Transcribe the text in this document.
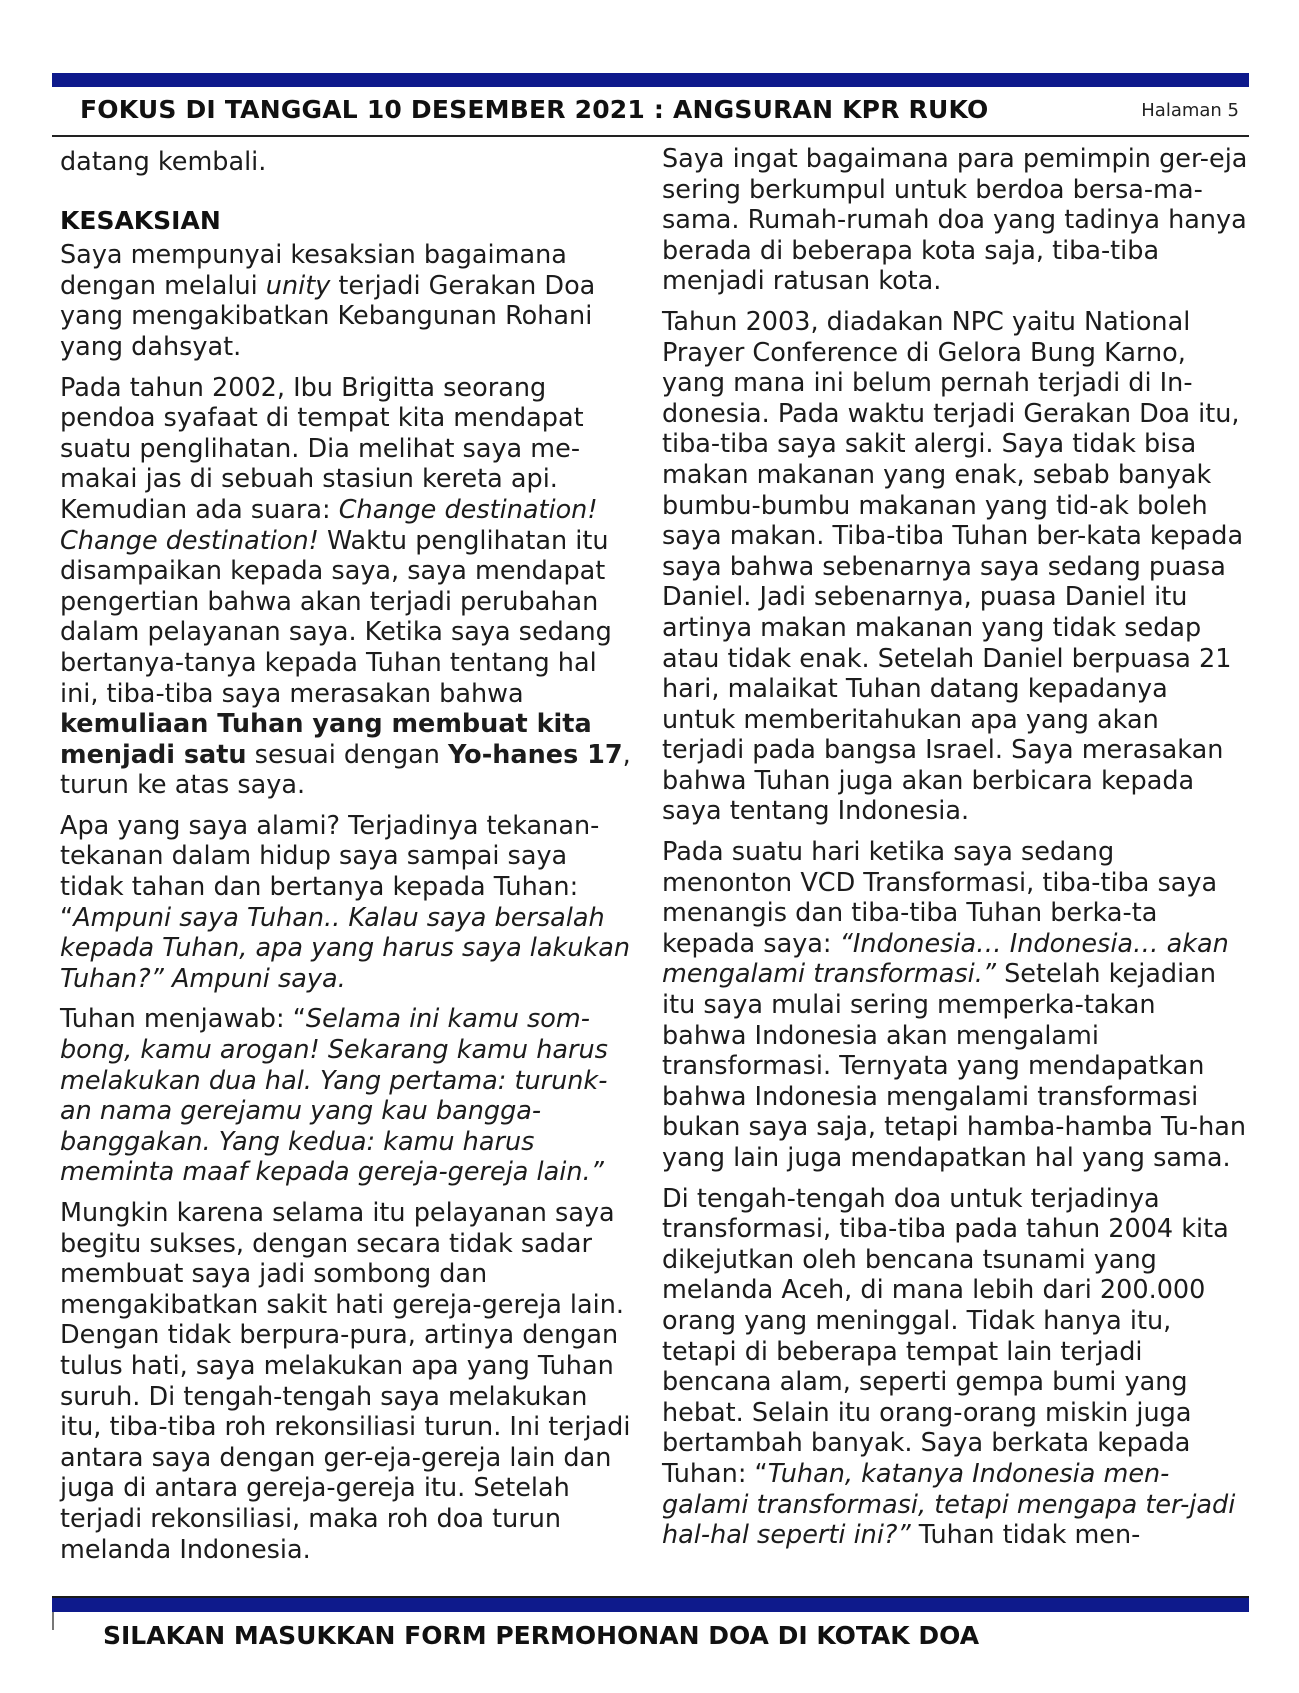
FOKUS DI TANGGAL 10 DESEMBER 2021 : ANGSURAN KPR RUKO	Halaman 5

datang kembali.

KESAKSIAN

Saya mempunyai kesaksian bagaimana dengan melalui unity terjadi Gerakan Doa yang mengakibatkan Kebangunan Rohani yang dahsyat.

Pada tahun 2002, Ibu Brigitta seorang pendoa syafaat di tempat kita mendapat suatu penglihatan. Dia melihat saya me-makai jas di sebuah stasiun kereta api. Kemudian ada suara: Change destination! Change destination! Waktu penglihatan itu disampaikan kepada saya, saya mendapat pengertian bahwa akan terjadi perubahan dalam pelayanan saya. Ketika saya sedang bertanya-tanya kepada Tuhan tentang hal ini, tiba-tiba saya merasakan bahwa kemuliaan Tuhan yang membuat kita menjadi satu sesuai dengan Yo-hanes 17, turun ke atas saya.

Apa yang saya alami? Terjadinya tekanan-tekanan dalam hidup saya sampai saya tidak tahan dan bertanya kepada Tuhan: “Ampuni saya Tuhan.. Kalau saya bersalah kepada Tuhan, apa yang harus saya lakukan Tuhan?” Ampuni saya.

Tuhan menjawab: “Selama ini kamu som-bong, kamu arogan! Sekarang kamu harus melakukan dua hal. Yang pertama: turunk-an nama gerejamu yang kau bangga-banggakan. Yang kedua: kamu harus meminta maaf kepada gereja-gereja lain.”

Mungkin karena selama itu pelayanan saya begitu sukses, dengan secara tidak sadar membuat saya jadi sombong dan mengakibatkan sakit hati gereja-gereja lain. Dengan tidak berpura-pura, artinya dengan tulus hati, saya melakukan apa yang Tuhan suruh. Di tengah-tengah saya melakukan itu, tiba-tiba roh rekonsiliasi turun. Ini terjadi antara saya dengan ger-eja-gereja lain dan juga di antara gereja-gereja itu. Setelah terjadi rekonsiliasi, maka roh doa turun melanda Indonesia.

Saya ingat bagaimana para pemimpin ger-eja sering berkumpul untuk berdoa bersa-ma-sama. Rumah-rumah doa yang tadinya hanya berada di beberapa kota saja, tiba-tiba menjadi ratusan kota.

Tahun 2003, diadakan NPC yaitu National Prayer Conference di Gelora Bung Karno, yang mana ini belum pernah terjadi di In-donesia. Pada waktu terjadi Gerakan Doa itu, tiba-tiba saya sakit alergi. Saya tidak bisa makan makanan yang enak, sebab banyak bumbu-bumbu makanan yang tid-ak boleh saya makan. Tiba-tiba Tuhan ber-kata kepada saya bahwa sebenarnya saya sedang puasa Daniel. Jadi sebenarnya, puasa Daniel itu artinya makan makanan yang tidak sedap atau tidak enak. Setelah Daniel berpuasa 21 hari, malaikat Tuhan datang kepadanya untuk memberitahukan apa yang akan terjadi pada bangsa Israel. Saya merasakan bahwa Tuhan juga akan berbicara kepada saya tentang Indonesia.

Pada suatu hari ketika saya sedang menonton VCD Transformasi, tiba-tiba saya menangis dan tiba-tiba Tuhan berka-ta kepada saya: “Indonesia… Indonesia… akan mengalami transformasi.” Setelah kejadian itu saya mulai sering memperka-takan bahwa Indonesia akan mengalami transformasi. Ternyata yang mendapatkan bahwa Indonesia mengalami transformasi bukan saya saja, tetapi hamba-hamba Tu-han yang lain juga mendapatkan hal yang sama.

Di tengah-tengah doa untuk terjadinya transformasi, tiba-tiba pada tahun 2004 kita dikejutkan oleh bencana tsunami yang melanda Aceh, di mana lebih dari 200.000 orang yang meninggal. Tidak hanya itu, tetapi di beberapa tempat lain terjadi bencana alam, seperti gempa bumi yang hebat. Selain itu orang-orang miskin juga bertambah banyak. Saya berkata kepada Tuhan: “Tuhan, katanya Indonesia men-galami transformasi, tetapi mengapa ter-jadi hal-hal seperti ini?” Tuhan tidak men-

SILAKAN MASUKKAN FORM PERMOHONAN DOA DI KOTAK DOA
